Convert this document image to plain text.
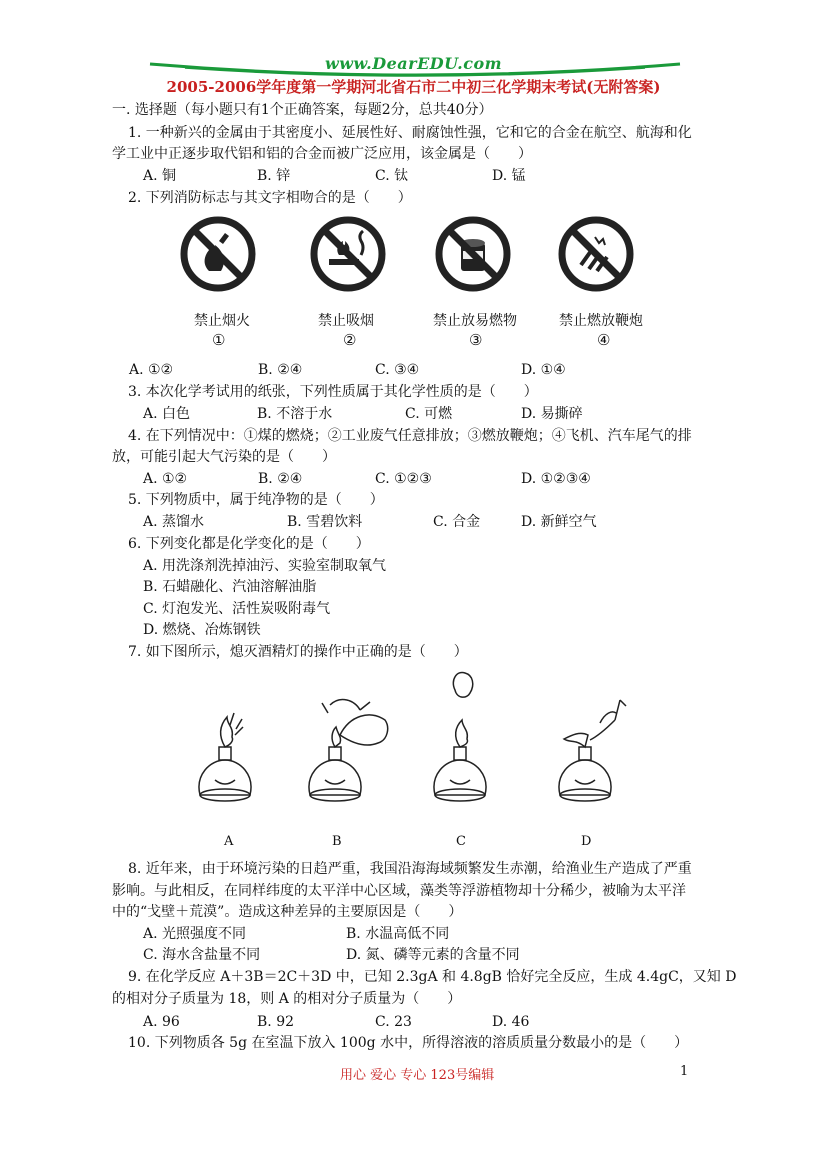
www.DearEDU.com
2005-2006学年度第一学期河北省石市二中初三化学期末考试(无附答案)
一. 选择题（每小题只有1个正确答案，每题2分，总共40分）
1. 一种新兴的金属由于其密度小、延展性好、耐腐蚀性强，它和它的合金在航空、航海和化
学工业中正逐步取代铝和铝的合金而被广泛应用，该金属是（　　）
A. 铜	B. 锌	C. 钛	D. 锰
2. 下列消防标志与其文字相吻合的是（　　）
禁止烟火	禁止吸烟	禁止放易燃物	禁止燃放鞭炮
①	②	③	④
A. ①②	B. ②④	C. ③④	D. ①④
3. 本次化学考试用的纸张，下列性质属于其化学性质的是（　　）
A. 白色	B. 不溶于水	C. 可燃	D. 易撕碎
4. 在下列情况中：①煤的燃烧；②工业废气任意排放；③燃放鞭炮；④飞机、汽车尾气的排
放，可能引起大气污染的是（　　）
A. ①②	B. ②④	C. ①②③	D. ①②③④
5. 下列物质中，属于纯净物的是（　　）
A. 蒸馏水	B. 雪碧饮料	C. 合金	D. 新鲜空气
6. 下列变化都是化学变化的是（　　）
A. 用洗涤剂洗掉油污、实验室制取氧气
B. 石蜡融化、汽油溶解油脂
C. 灯泡发光、活性炭吸附毒气
D. 燃烧、冶炼钢铁
7. 如下图所示，熄灭酒精灯的操作中正确的是（　　）
A	B	C	D
8. 近年来，由于环境污染的日趋严重，我国沿海海域频繁发生赤潮，给渔业生产造成了严重
影响。与此相反，在同样纬度的太平洋中心区域，藻类等浮游植物却十分稀少，被喻为太平洋
中的“戈壁＋荒漠”。造成这种差异的主要原因是（　　）
A. 光照强度不同	B. 水温高低不同
C. 海水含盐量不同	D. 氮、磷等元素的含量不同
9. 在化学反应 A＋3B＝2C＋3D 中，已知 2.3gA 和 4.8gB 恰好完全反应，生成 4.4gC，又知 D
的相对分子质量为 18，则 A 的相对分子质量为（　　）
A. 96	B. 92	C. 23	D. 46
10. 下列物质各 5g 在室温下放入 100g 水中，所得溶液的溶质质量分数最小的是（　　）
用心 爱心 专心 123号编辑	1
